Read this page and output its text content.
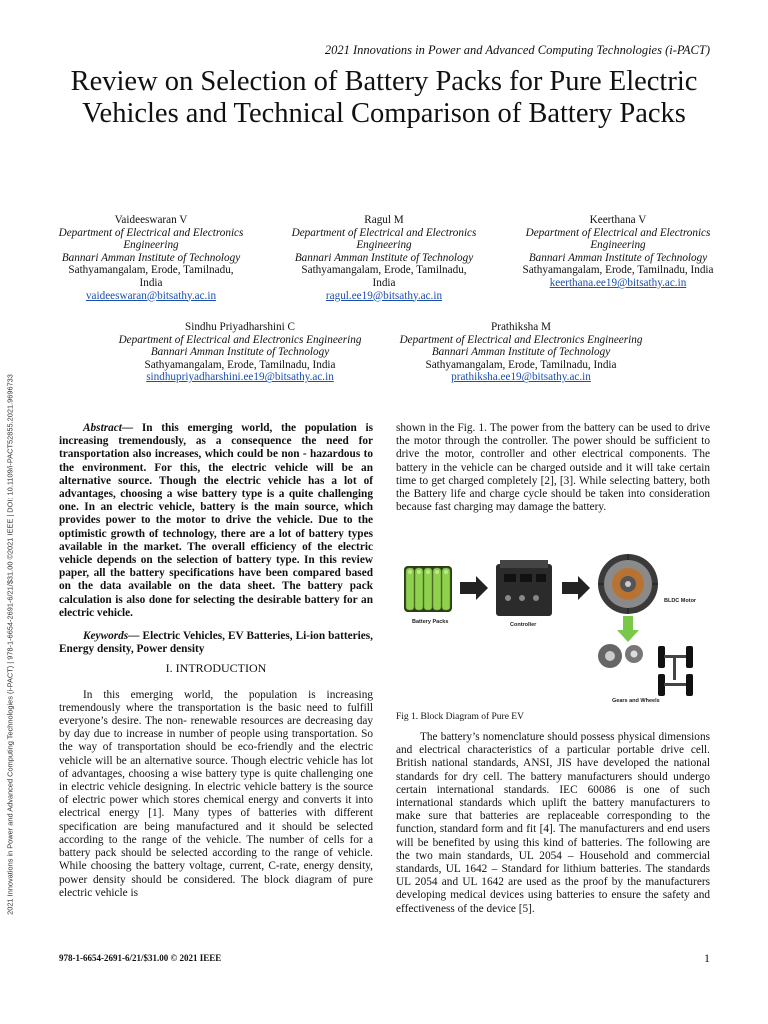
2021 Innovations in Power and Advanced Computing Technologies (i-PACT)
Review on Selection of Battery Packs for Pure Electric Vehicles and Technical Comparison of Battery Packs
Vaideeswaran V
Department of Electrical and Electronics Engineering
Bannari Amman Institute of Technology
Sathyamangalam, Erode, Tamilnadu, India
vaideeswaran@bitsathy.ac.in
Ragul M
Department of Electrical and Electronics Engineering
Bannari Amman Institute of Technology
Sathyamangalam, Erode, Tamilnadu, India
ragul.ee19@bitsathy.ac.in
Keerthana V
Department of Electrical and Electronics Engineering
Bannari Amman Institute of Technology
Sathyamangalam, Erode, Tamilnadu, India
keerthana.ee19@bitsathy.ac.in
Sindhu Priyadharshini C
Department of Electrical and Electronics Engineering
Bannari Amman Institute of Technology
Sathyamangalam, Erode, Tamilnadu, India
sindhupriyadharshini.ee19@bitsathy.ac.in
Prathiksha M
Department of Electrical and Electronics Engineering
Bannari Amman Institute of Technology
Sathyamangalam, Erode, Tamilnadu, India
prathiksha.ee19@bitsathy.ac.in

Abstract— In this emerging world, the population is increasing tremendously, as a consequence the need for transportation also increases, which could be non - hazardous to the environment. For this, the electric vehicle will be an alternative source. Though the electric vehicle has a lot of advantages, choosing a wise battery type is a quite challenging one. In an electric vehicle, battery is the main source, which provides power to the motor to drive the vehicle. Due to the optimistic growth of technology, there are a lot of battery types available in the market. The overall efficiency of the electric vehicle depends on the selection of battery type. In this review paper, all the battery specifications have been compared based on the data available on the data sheet. The battery pack calculation is also done for selecting the desirable battery for an electric vehicle.

Keywords— Electric Vehicles, EV Batteries, Li-ion batteries, Energy density, Power density

I. INTRODUCTION

In this emerging world, the population is increasing tremendously where the transportation is the basic need to fulfill everyone’s desire. The non- renewable resources are decreasing day by day due to increase in number of people using transportation. So the way of transportation should be eco-friendly and the electric vehicle will be an alternative source. Though electric vehicle has lot of advantages, choosing a wise battery type is quite challenging one in electric vehicle designing. In electric vehicle battery is the source of electric power which stores chemical energy and converts it into electrical energy [1]. Many types of batteries with different specification are being manufactured and it should be selected according to the range of the vehicle. The number of cells for a battery pack should be selected according to the range of vehicle. While choosing the battery voltage, current, C-rate, energy density, power density should be considered. The block diagram of pure electric vehicle is

shown in the Fig. 1. The power from the battery can be used to drive the motor through the controller. The power should be sufficient to drive the motor, controller and other electrical components. The battery in the vehicle can be charged outside and it will take certain time to get charged completely [2], [3]. While selecting battery, both the Battery life and charge cycle should be taken into consideration because fast charging may damage the battery.

Battery Packs	Controller
BLDC Motor
Gears and Wheels
Fig 1. Block Diagram of Pure EV

The battery’s nomenclature should possess physical dimensions and electrical characteristics of a particular portable drive cell. British national standards, ANSI, JIS have developed the national standards for dry cell. The battery manufacturers should undergo certain international standards. IEC 60086 is one of such international standards which uplift the battery manufacturers to make sure that batteries are replaceable corresponding to the function, standard form and fit [4]. The manufacturers and end users will be benefited by using this kind of batteries. The following are the two main standards, UL 2054 – Household and commercial standards, UL 1642 – Standard for lithium batteries. The standards UL 2054 and UL 1642 are used as the proof by the manufacturers developing medical devices using batteries to ensure the safety and effectiveness of the device [5].

2021 Innovations in Power and Advanced Computing Technologies (i-PACT) | 978-1-6654-2691-6/21/$31.00 ©2021 IEEE | DOI: 10.1109/i-PACT52855.2021.9696733
978-1-6654-2691-6/21/$31.00 © 2021 IEEE	1
